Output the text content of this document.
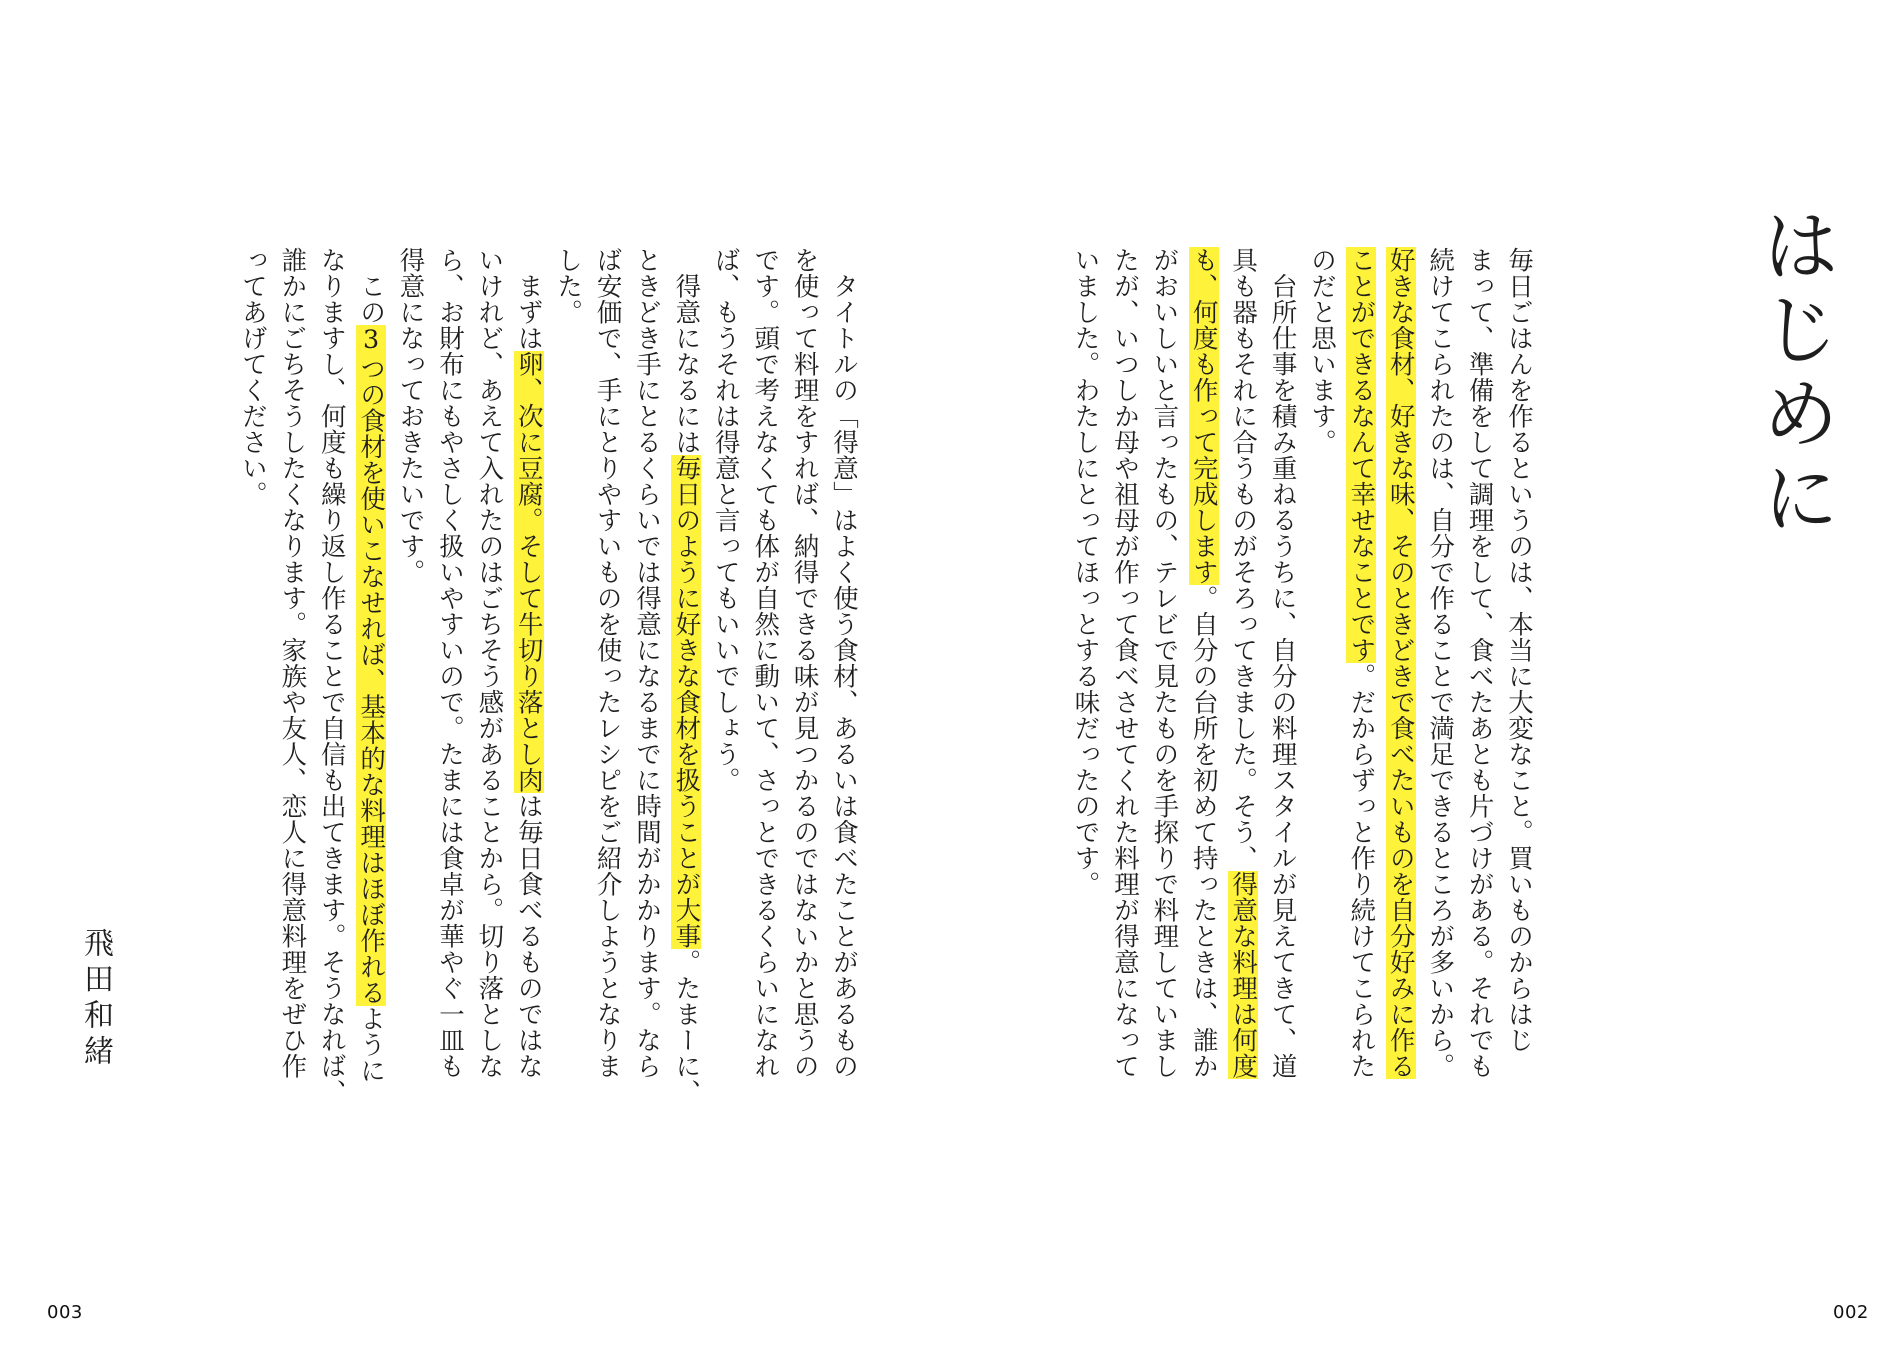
はじめに
毎日ごはんを作るというのは、本当に大変なこと。買いものからはじ
まって、準備をして調理をして、食べたあとも片づけがある。それでも
続けてこられたのは、自分で作ることで満足できるところが多いから。
好きな食材、好きな味、そのときどきで食べたいものを自分好みに作る
ことができるなんて幸せなことです。だからずっと作り続けてこられた
のだと思います。
　台所仕事を積み重ねるうちに、自分の料理スタイルが見えてきて、道
具も器もそれに合うものがそろってきました。そう、得意な料理は何度
も、何度も作って完成します。自分の台所を初めて持ったときは、誰か
がおいしいと言ったもの、テレビで見たものを手探りで料理していまし
たが、いつしか母や祖母が作って食べさせてくれた料理が得意になって
いました。わたしにとってほっとする味だったのです。
　タイトルの「得意」はよく使う食材、あるいは食べたことがあるもの
を使って料理をすれば、納得できる味が見つかるのではないかと思うの
です。頭で考えなくても体が自然に動いて、さっとできるくらいになれ
ば、もうそれは得意と言ってもいいでしょう。
　得意になるには毎日のように好きな食材を扱うことが大事。たまーに、
ときどき手にとるくらいでは得意になるまでに時間がかかります。なら
ば安価で、手にとりやすいものを使ったレシピをご紹介しようとなりま
した。
　まずは卵、次に豆腐。そして牛切り落とし肉は毎日食べるものではな
いけれど、あえて入れたのはごちそう感があることから。切り落としな
ら、お財布にもやさしく扱いやすいので。たまには食卓が華やぐ一皿も
得意になっておきたいです。
　この3つの食材を使いこなせれば、基本的な料理はほぼ作れるように
なりますし、何度も繰り返し作ることで自信も出てきます。そうなれば、
誰かにごちそうしたくなります。家族や友人、恋人に得意料理をぜひ作
ってあげてください。
飛田和緒
002
003
